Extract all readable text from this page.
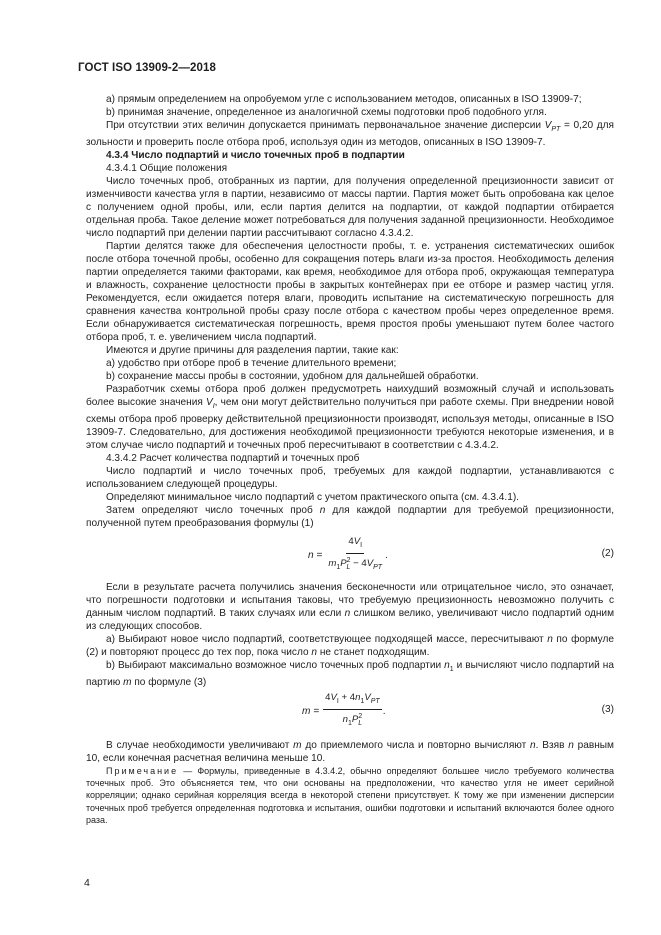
ГОСТ ISO 13909-2—2018

a) прямым определением на опробуемом угле с использованием методов, описанных в ISO 13909-7;

b) принимая значение, определенное из аналогичной схемы подготовки проб подобного угля.

При отсутствии этих величин допускается принимать первоначальное значение дисперсии $V_{PT} = 0,20$ для зольности и проверить после отбора проб, используя один из методов, описанных в ISO 13909-7.

4.3.4 Число подпартий и число точечных проб в подпартии

4.3.4.1 Общие положения

Число точечных проб, отобранных из партии, для получения определенной прецизионности зависит от изменчивости качества угля в партии, независимо от массы партии. Партия может быть опробована как целое с получением одной пробы, или, если партия делится на подпартии, от каждой подпартии отбирается отдельная проба. Такое деление может потребоваться для получения заданной прецизионности. Необходимое число подпартий при делении партии рассчитывают согласно 4.3.4.2.

Партии делятся также для обеспечения целостности пробы, т. е. устранения систематических ошибок после отбора точечной пробы, особенно для сокращения потерь влаги из-за простоя. Необходимость деления партии определяется такими факторами, как время, необходимое для отбора проб, окружающая температура и влажность, сохранение целостности пробы в закрытых контейнерах при ее отборе и размер частиц угля. Рекомендуется, если ожидается потеря влаги, проводить испытание на систематическую погрешность для сравнения качества контрольной пробы сразу после отбора с качеством пробы через определенное время. Если обнаруживается систематическая погрешность, время простоя пробы уменьшают путем более частого отбора проб, т. е. увеличением числа подпартий.

Имеются и другие причины для разделения партии, такие как:

a) удобство при отборе проб в течение длительного времени;

b) сохранение массы пробы в состоянии, удобном для дальнейшей обработки.

Разработчик схемы отбора проб должен предусмотреть наихудший возможный случай и использовать более высокие значения $V_I$, чем они могут действительно получиться при работе схемы. При внедрении новой схемы отбора проб проверку действительной прецизионности производят, используя методы, описанные в ISO 13909-7. Следовательно, для достижения необходимой прецизионности требуются некоторые изменения, и в этом случае число подпартий и точечных проб пересчитывают в соответствии с 4.3.4.2.

4.3.4.2 Расчет количества подпартий и точечных проб

Число подпартий и число точечных проб, требуемых для каждой подпартии, устанавливаются с использованием следующей процедуры.

Определяют минимальное число подпартий с учетом практического опыта (см. 4.3.4.1).

Затем определяют число точечных проб n для каждой подпартии для требуемой прецизионности, полученной путем преобразования формулы (1)

$n = \frac{4V_I}{m_1P^2_L - 4V_{PT}}$ .	(2)

Если в результате расчета получились значения бесконечности или отрицательное число, это означает, что погрешности подготовки и испытания таковы, что требуемую прецизионность невозможно получить с данным числом подпартий. В таких случаях или если n слишком велико, увеличивают число подпартий одним из следующих способов.

a) Выбирают новое число подпартий, соответствующее подходящей массе, пересчитывают n по формуле (2) и повторяют процесс до тех пор, пока число n не станет подходящим.

b) Выбирают максимально возможное число точечных проб подпартии $n_1$ и вычисляют число подпартий на партию m по формуле (3)

$m = \frac{4V_I + 4n_1V_{PT}}{n_1P^2_L}$ .	(3)

В случае необходимости увеличивают m до приемлемого числа и повторно вычисляют n. Взяв n равным 10, если конечная расчетная величина меньше 10.

Примечание — Формулы, приведенные в 4.3.4.2, обычно определяют большее число требуемого количества точечных проб. Это объясняется тем, что они основаны на предположении, что качество угля не имеет серийной корреляции; однако серийная корреляция всегда в некоторой степени присутствует. К тому же при изменении дисперсии точечных проб требуется определенная подготовка и испытания, ошибки подготовки и испытаний включаются более одного раза.

4
